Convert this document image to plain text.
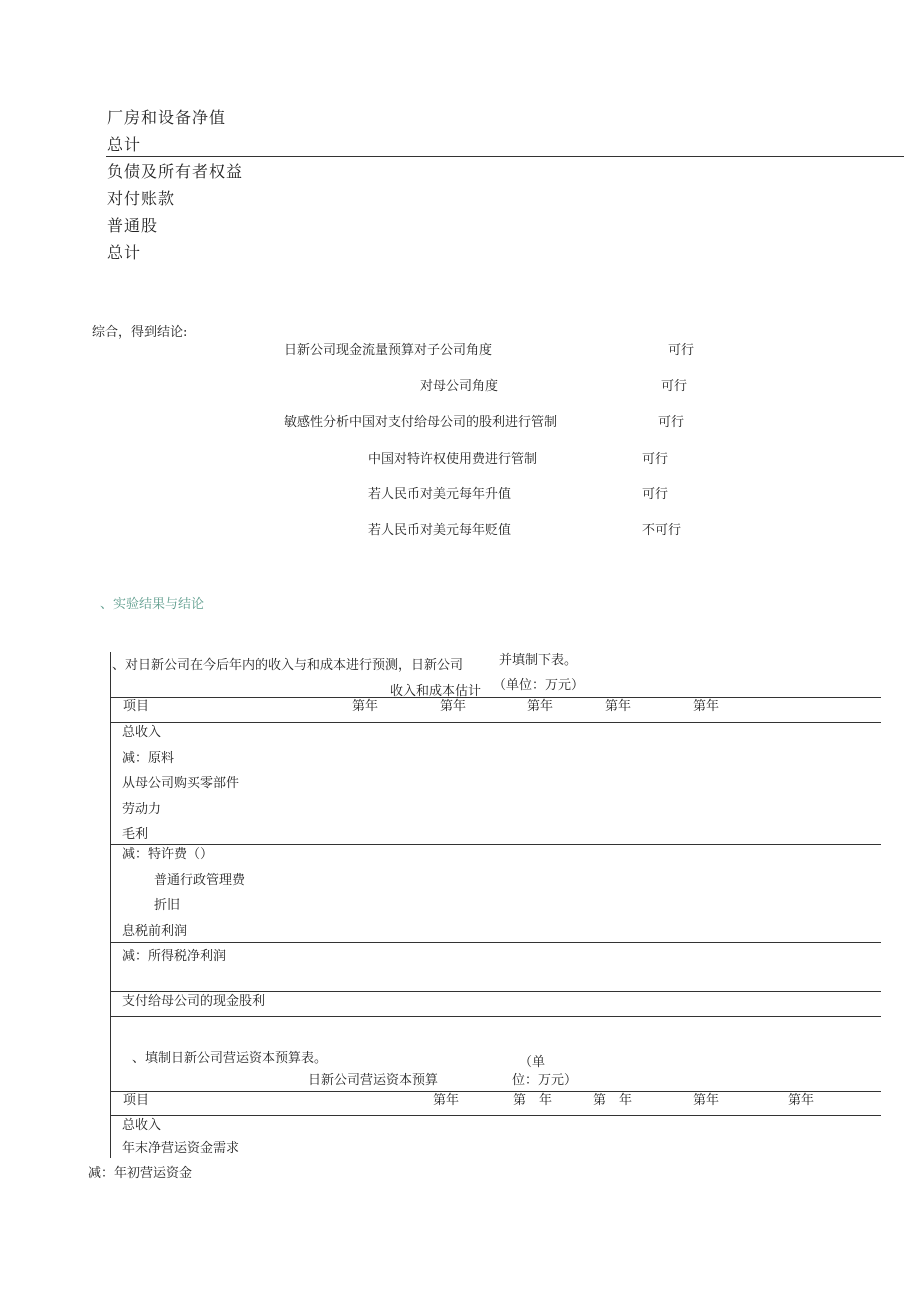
厂房和设备净值
总计
负债及所有者权益
对付账款
普通股
总计
综合，得到结论:
日新公司现金流量预算对子公司角度	可行
对母公司角度	可行
敏感性分析中国对支付给母公司的股利进行管制	可行
中国对特许权使用费进行管制	可行
若人民币对美元每年升值	可行
若人民币对美元每年贬值	不可行
、实验结果与结论
、对日新公司在今后年内的收入与和成本进行预测，日新公司	并填制下表。
收入和成本估计 （单位：万元）
项目	第年	第年	第年	第年	第年
总收入
减：原料
从母公司购买零部件
劳动力
毛利
减：特许费（）
普通行政管理费
折旧
息税前利润
减：所得税净利润
支付给母公司的现金股利
、填制日新公司营运资本预算表。	（单
日新公司营运资本预算	位：万元）
项目	第年	第　年	第　年	第年	第年
总收入
年末净营运资金需求
减：年初营运资金
